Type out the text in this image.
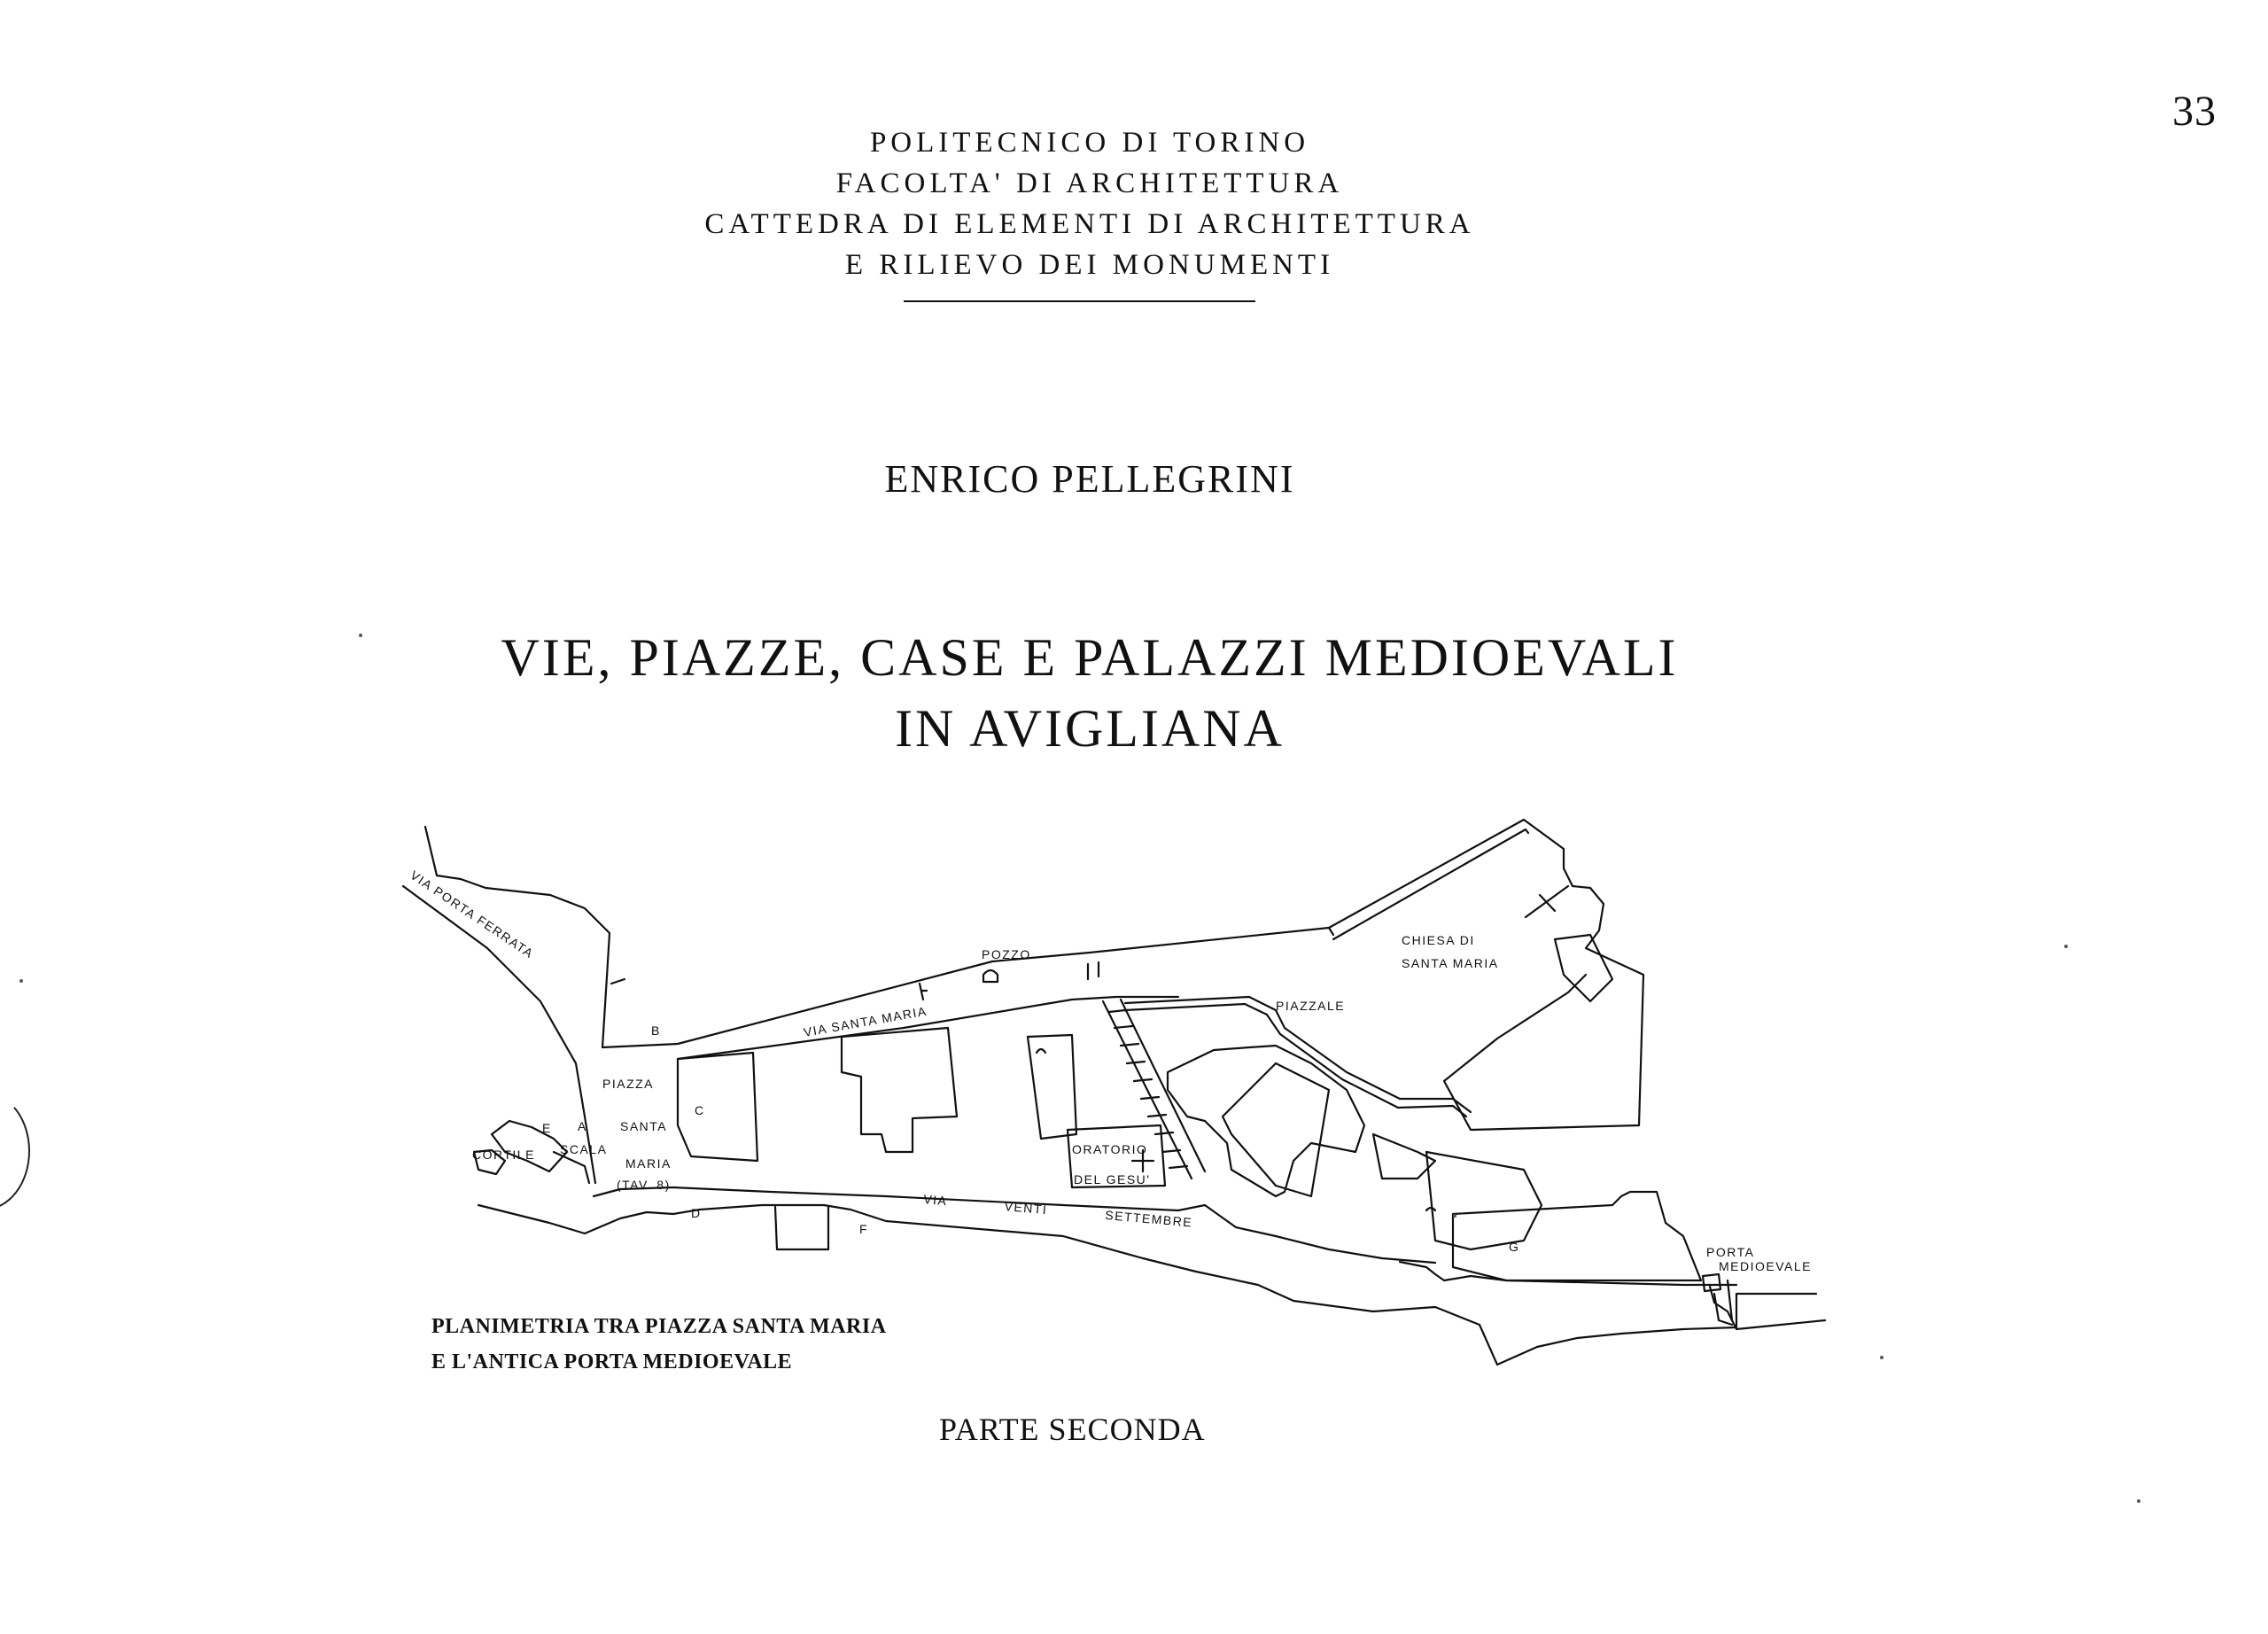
33
POLITECNICO DI TORINO
FACOLTA' DI ARCHITETTURA
CATTEDRA DI ELEMENTI DI ARCHITETTURA
E RILIEVO DEI MONUMENTI
ENRICO PELLEGRINI
VIE, PIAZZE, CASE E PALAZZI MEDIOEVALI
IN AVIGLIANA
VIA PORTA FERRATA	POZZO
VIA SANTA MARIA	PIAZZALE
CHIESA DI
SANTA MARIA
B
C
PIAZZA
E A	SANTA
CORTILE SCALA
MARIA
(TAV. 8)
D
F
ORATORIO
DEL GESU'
VIA VENTI SETTEMBRE
G	PORTA
MEDIOEVALE
PLANIMETRIA TRA PIAZZA SANTA MARIA
E L'ANTICA PORTA MEDIOEVALE
PARTE SECONDA
